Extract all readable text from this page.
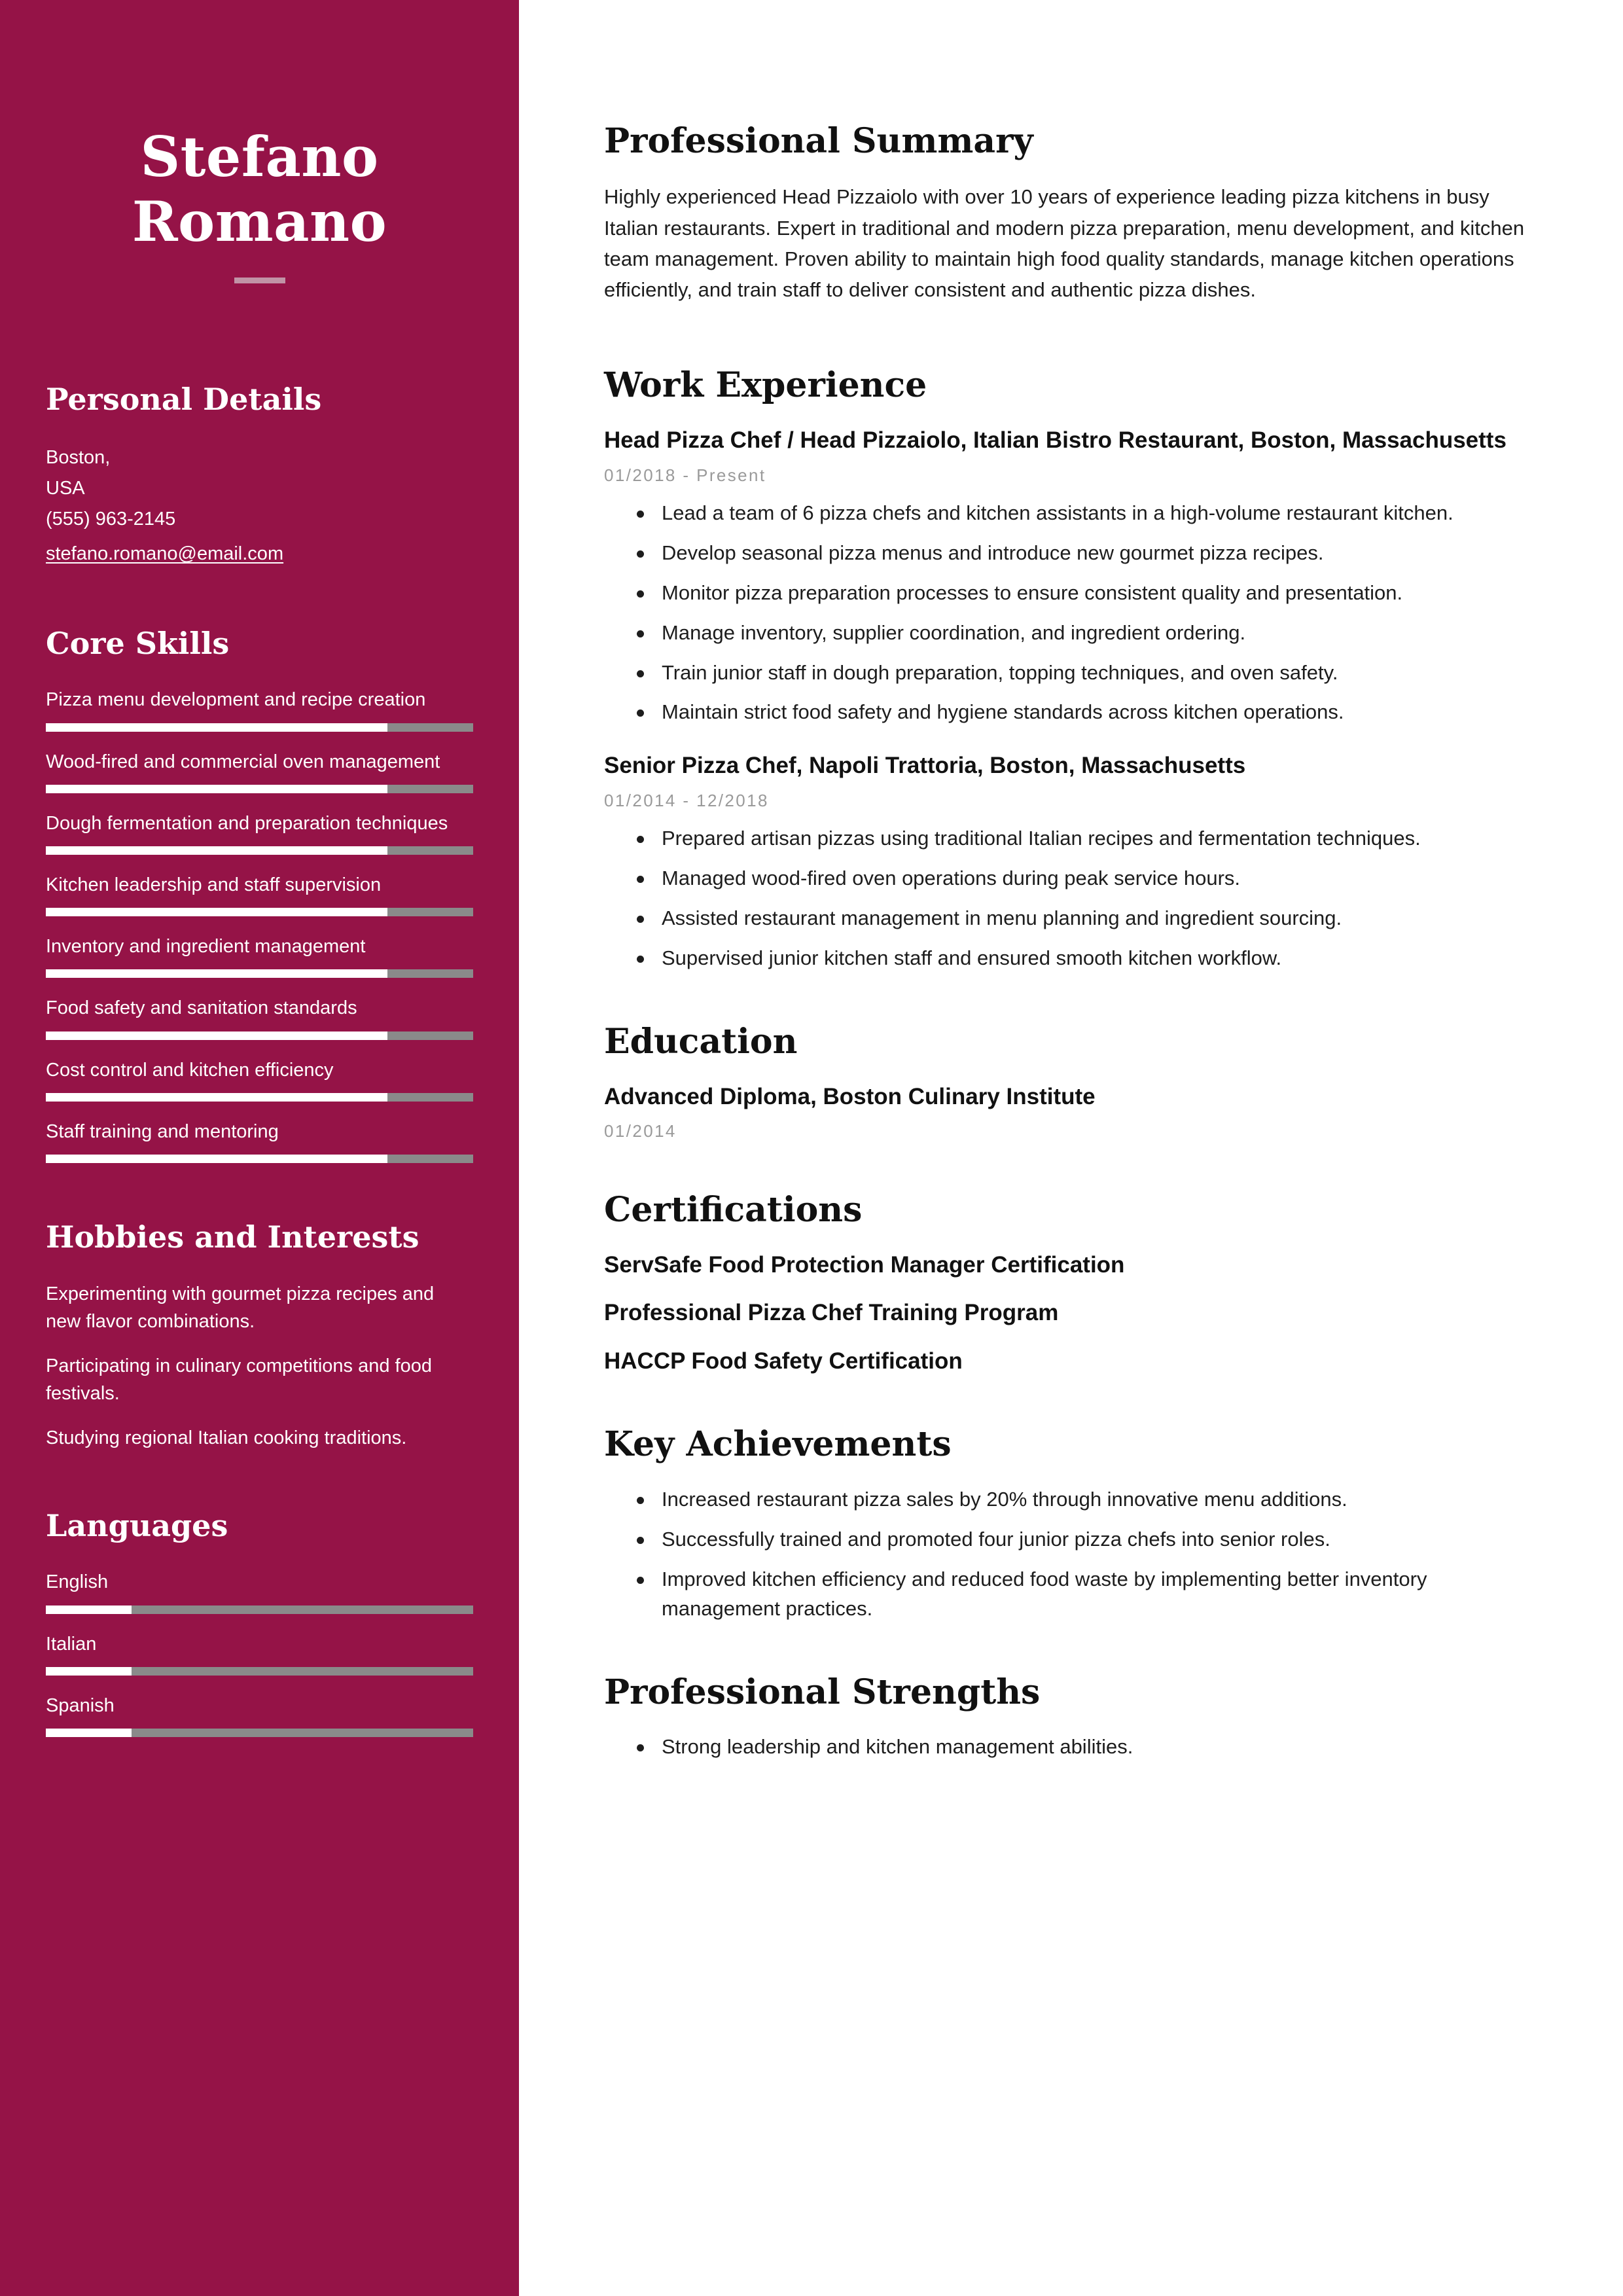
Stefano
Romano
Personal Details
Boston,
USA
(555) 963-2145
stefano.romano@email.com
Core Skills
Pizza menu development and recipe creation
Wood-fired and commercial oven management
Dough fermentation and preparation techniques
Kitchen leadership and staff supervision
Inventory and ingredient management
Food safety and sanitation standards
Cost control and kitchen efficiency
Staff training and mentoring
Hobbies and Interests
Experimenting with gourmet pizza recipes and new flavor combinations.
Participating in culinary competitions and food festivals.
Studying regional Italian cooking traditions.
Languages
English
Italian
Spanish
Professional Summary

Highly experienced Head Pizzaiolo with over 10 years of experience leading pizza kitchens in busy Italian restaurants. Expert in traditional and modern pizza preparation, menu development, and kitchen team management. Proven ability to maintain high food quality standards, manage kitchen operations efficiently, and train staff to deliver consistent and authentic pizza dishes.

Work Experience
Head Pizza Chef / Head Pizzaiolo, Italian Bistro Restaurant, Boston, Massachusetts
01/2018 - Present
Lead a team of 6 pizza chefs and kitchen assistants in a high-volume restaurant kitchen.
Develop seasonal pizza menus and introduce new gourmet pizza recipes.
Monitor pizza preparation processes to ensure consistent quality and presentation.
Manage inventory, supplier coordination, and ingredient ordering.
Train junior staff in dough preparation, topping techniques, and oven safety.
Maintain strict food safety and hygiene standards across kitchen operations.
Senior Pizza Chef, Napoli Trattoria, Boston, Massachusetts
01/2014 - 12/2018
Prepared artisan pizzas using traditional Italian recipes and fermentation techniques.
Managed wood-fired oven operations during peak service hours.
Assisted restaurant management in menu planning and ingredient sourcing.
Supervised junior kitchen staff and ensured smooth kitchen workflow.
Education
Advanced Diploma, Boston Culinary Institute
01/2014
Certifications
ServSafe Food Protection Manager Certification
Professional Pizza Chef Training Program
HACCP Food Safety Certification
Key Achievements
Increased restaurant pizza sales by 20% through innovative menu additions.
Successfully trained and promoted four junior pizza chefs into senior roles.
Improved kitchen efficiency and reduced food waste by implementing better inventory management practices.
Professional Strengths
Strong leadership and kitchen management abilities.
